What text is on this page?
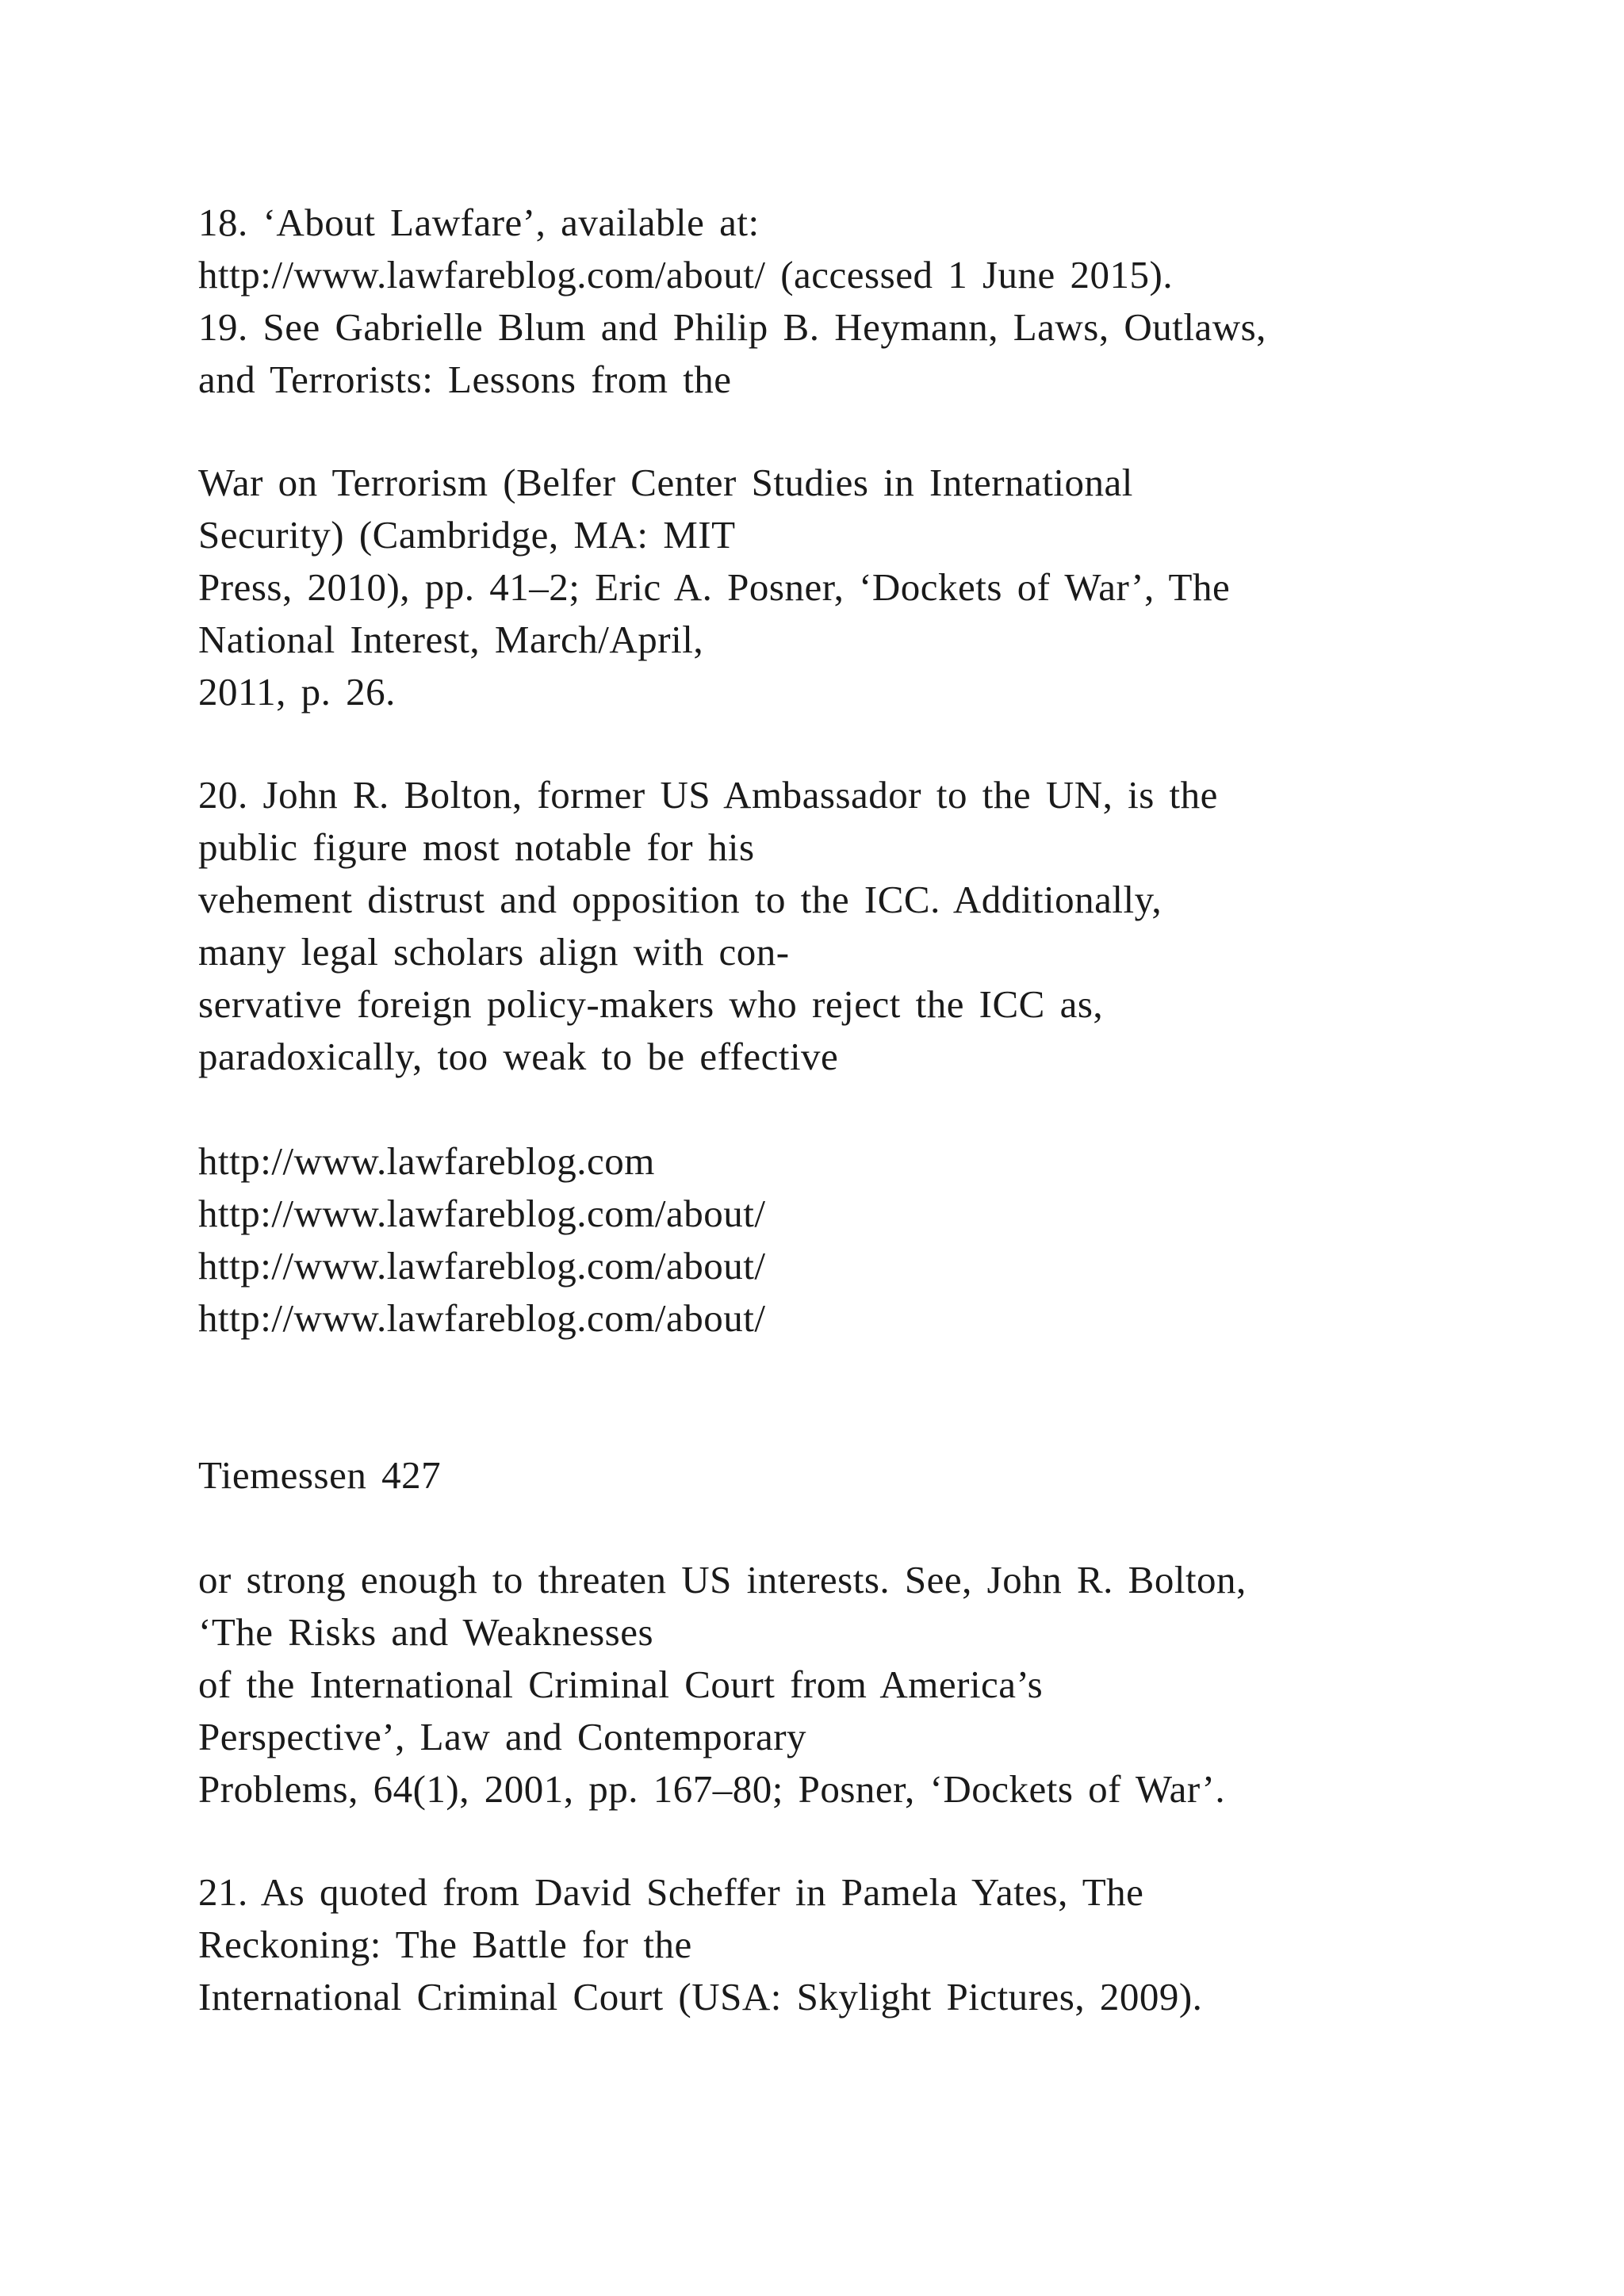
18. ‘About Lawfare’, available at:
http://www.lawfareblog.com/about/ (accessed 1 June 2015).
19. See Gabrielle Blum and Philip B. Heymann, Laws, Outlaws,
and Terrorists: Lessons from the
War on Terrorism (Belfer Center Studies in International
Security) (Cambridge, MA: MIT
Press, 2010), pp. 41–2; Eric A. Posner, ‘Dockets of War’, The
National Interest, March/April,
2011, p. 26.
20. John R. Bolton, former US Ambassador to the UN, is the
public figure most notable for his
vehement distrust and opposition to the ICC. Additionally,
many legal scholars align with con-
servative foreign policy-makers who reject the ICC as,
paradoxically, too weak to be effective
http://www.lawfareblog.com
http://www.lawfareblog.com/about/
http://www.lawfareblog.com/about/
http://www.lawfareblog.com/about/
Tiemessen 427
or strong enough to threaten US interests. See, John R. Bolton,
‘The Risks and Weaknesses
of the International Criminal Court from America’s
Perspective’, Law and Contemporary
Problems, 64(1), 2001, pp. 167–80; Posner, ‘Dockets of War’.
21. As quoted from David Scheffer in Pamela Yates, The
Reckoning: The Battle for the
International Criminal Court (USA: Skylight Pictures, 2009).
